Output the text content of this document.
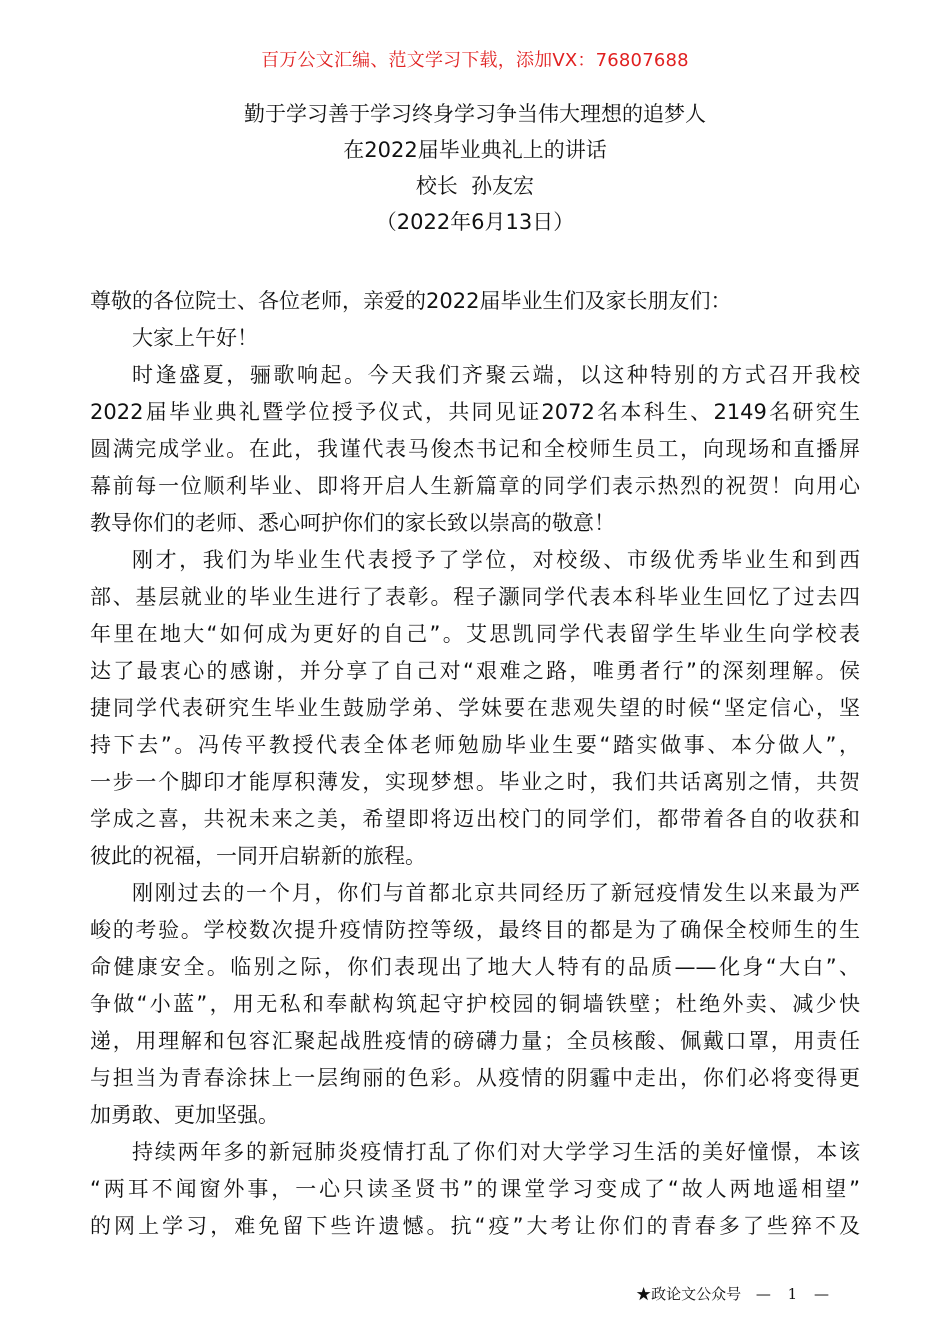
百万公文汇编、范文学习下载，添加VX：76807688
勤于学习善于学习终身学习争当伟大理想的追梦人
在2022届毕业典礼上的讲话
校长  孙友宏
（2022年6月13日）
尊敬的各位院士、各位老师，亲爱的2022届毕业生们及家长朋友们：
大家上午好！
时逢盛夏，骊歌响起。今天我们齐聚云端，以这种特别的方式召开我校
2022届毕业典礼暨学位授予仪式，共同见证2072名本科生、2149名研究生
圆满完成学业。在此，我谨代表马俊杰书记和全校师生员工，向现场和直播屏
幕前每一位顺利毕业、即将开启人生新篇章的同学们表示热烈的祝贺！向用心
教导你们的老师、悉心呵护你们的家长致以崇高的敬意！
刚才，我们为毕业生代表授予了学位，对校级、市级优秀毕业生和到西
部、基层就业的毕业生进行了表彰。程子灏同学代表本科毕业生回忆了过去四
年里在地大“如何成为更好的自己”。艾思凯同学代表留学生毕业生向学校表
达了最衷心的感谢，并分享了自己对“艰难之路，唯勇者行”的深刻理解。侯
捷同学代表研究生毕业生鼓励学弟、学妹要在悲观失望的时候“坚定信心，坚
持下去”。冯传平教授代表全体老师勉励毕业生要“踏实做事、本分做人”，
一步一个脚印才能厚积薄发，实现梦想。毕业之时，我们共话离别之情，共贺
学成之喜，共祝未来之美，希望即将迈出校门的同学们，都带着各自的收获和
彼此的祝福，一同开启崭新的旅程。
刚刚过去的一个月，你们与首都北京共同经历了新冠疫情发生以来最为严
峻的考验。学校数次提升疫情防控等级，最终目的都是为了确保全校师生的生
命健康安全。临别之际，你们表现出了地大人特有的品质——化身“大白”、
争做“小蓝”，用无私和奉献构筑起守护校园的铜墙铁壁；杜绝外卖、减少快
递，用理解和包容汇聚起战胜疫情的磅礴力量；全员核酸、佩戴口罩，用责任
与担当为青春涂抹上一层绚丽的色彩。从疫情的阴霾中走出，你们必将变得更
加勇敢、更加坚强。
持续两年多的新冠肺炎疫情打乱了你们对大学学习生活的美好憧憬，本该
“两耳不闻窗外事，一心只读圣贤书”的课堂学习变成了“故人两地遥相望”
的网上学习，难免留下些许遗憾。抗“疫”大考让你们的青春多了些猝不及
★政论文公众号 — 1 —
